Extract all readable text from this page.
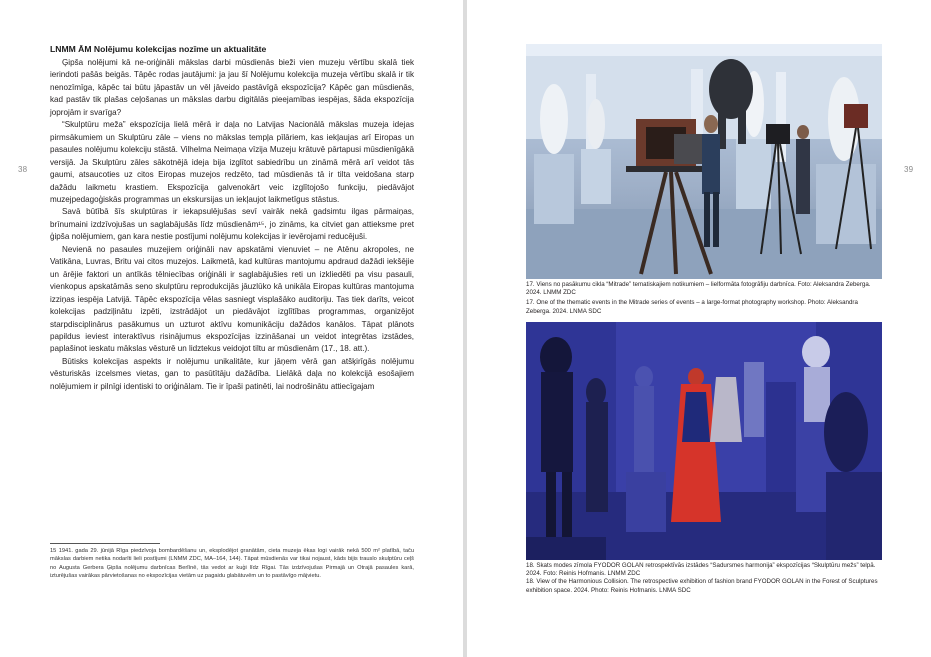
38
LNMM ĀM Nolējumu kolekcijas nozīme un aktualitāte

Ģipša nolējumi kā ne-oriģināli mākslas darbi mūsdienās bieži vien muzeju vērtību skalā tiek ierindoti pašās beigās. Tāpēc rodas jautājumi: ja jau šī Nolējumu kolekcija muzeja vērtību skalā ir tik nenozīmīga, kāpēc tai būtu jāpastāv un vēl jāveido pastāvīgā ekspozīcija? Kāpēc gan mūsdienās, kad pastāv tik plašas ceļošanas un mākslas darbu digitālās pieejamības iespējas, šāda ekspozīcija joprojām ir svarīga?

“Skulptūru meža” ekspozīcija lielā mērā ir daļa no Latvijas Nacionālā mākslas muzeja idejas pirmsākumiem un Skulptūru zāle – viens no mākslas tempļa pīlāriem, kas iekļaujas arī Eiropas un pasaules nolējumu kolekciju stāstā. Vilhelma Neimaņa vīzija Muzeju krātuvē pārtapusi mūsdienīgākā versijā. Ja Skulptūru zāles sākotnējā ideja bija izglītot sabiedrību un zināmā mērā arī veidot tās gaumi, atsaucoties uz citos Eiropas muzejos redzēto, tad mūsdienās tā ir tilta veidošana starp dažādu laikmetu krastiem. Ekspozīcija galvenokārt veic izglītojošo funkciju, piedāvājot muzejpedagoģiskās programmas un ekskursijas un iekļaujot laikmetīgus stāstus.

Savā būtībā šīs skulptūras ir iekapsulējušas sevī vairāk nekā gadsimtu ilgas pārmaiņas, brīnumaini izdzīvojušas un saglabājušās līdz mūsdienām¹⁵, jo zināms, ka citviet gan attieksme pret ģipša nolējumiem, gan kara nestie postījumi nolējumu kolekcijas ir ievērojami reducējuši.

Nevienā no pasaules muzejiem oriģināli nav apskatāmi vienuviet – ne Atēnu akropoles, ne Vatikāna, Luvras, Britu vai citos muzejos. Laikmetā, kad kultūras mantojumu apdraud dažādi iekšējie un ārējie faktori un antīkās tēlniecības oriģināli ir saglabājušies reti un izkliedēti pa visu pasauli, vienkopus apskatāmās seno skulptūru reprodukcijās jāuzlūko kā unikāla Eiropas kultūras mantojuma izziņas iespēja Latvijā. Tāpēc ekspozīcija vēlas sasniegt visplašāko auditoriju. Tas tiek darīts, veicot kolekcijas padziļinātu izpēti, izstrādājot un piedāvājot izglītības programmas, organizējot starpdisciplinārus pasākumus un uzturot aktīvu komunikāciju dažādos kanālos. Tāpat plānots papildus ieviest interaktīvus risinājumus ekspozīcijas izzināšanai un veidot integrētas izstādes, paplašinot ieskatu mākslas vēsturē un lidztekus veidojot tiltu ar mūsdienām (17., 18. att.).

Būtisks kolekcijas aspekts ir nolējumu unikalitāte, kur jāņem vērā gan atšķirīgās nolējumu vēsturiskās izcelsmes vietas, gan to pasūtītāju dažādība. Lielākā daļa no kolekcijā esošajiem nolējumiem ir pilnīgi identiski to oriģinālam. Tie ir īpaši patinēti, lai nodrošinātu attiecīgajam

15 1941. gada 29. jūnijā Rīga piedzīvoja bombardēšanu un, eksplodējot granātām, cieta muzeja ēkas logi vairāk nekā 500 m² platībā, taču mākslas darbiem netika nodarīti lieli postījumi (LNMM ZDC, MA–164, 144). Tāpat mūsdienās var tikai nojaust, kāds bijis trauslo skulptūru ceļš no Augusta Gerbera Ģipša nolējumu darbnīcas Berlīnē, tās vedot ar kuģi līdz Rīgai. Tās izdzīvojušas Pirmajā un Otrajā pasaules karā, izturējušas vairākas pārvietošanas no ekspozīcijas vietām uz pagaidu glabātuvēm un to pastāvīgo mājvietu.

39

17. Viens no pasākumu cikla “Mitrade” tematiskajiem notikumiem – lielformāta fotogrāfiju darbnīca. Foto: Aleksandra Zeberga. 2024. LNMM ZDC

17. One of the thematic events in the Mitrade series of events – a large-format photography workshop. Photo: Aleksandra Zeberga. 2024. LNMA SDC

18. Skats modes zīmola FYODOR GOLAN retrospektīvās izstādes “Sadursmes harmonija” ekspozīcijas “Skulptūru mežs” telpā. 2024. Foto: Reinis Hofmanis. LNMM ZDC

18. View of the Harmonious Collision. The retrospective exhibition of fashion brand FYODOR GOLAN in the Forest of Sculptures exhibition space. 2024. Photo: Reinis Hofmanis. LNMA SDC
